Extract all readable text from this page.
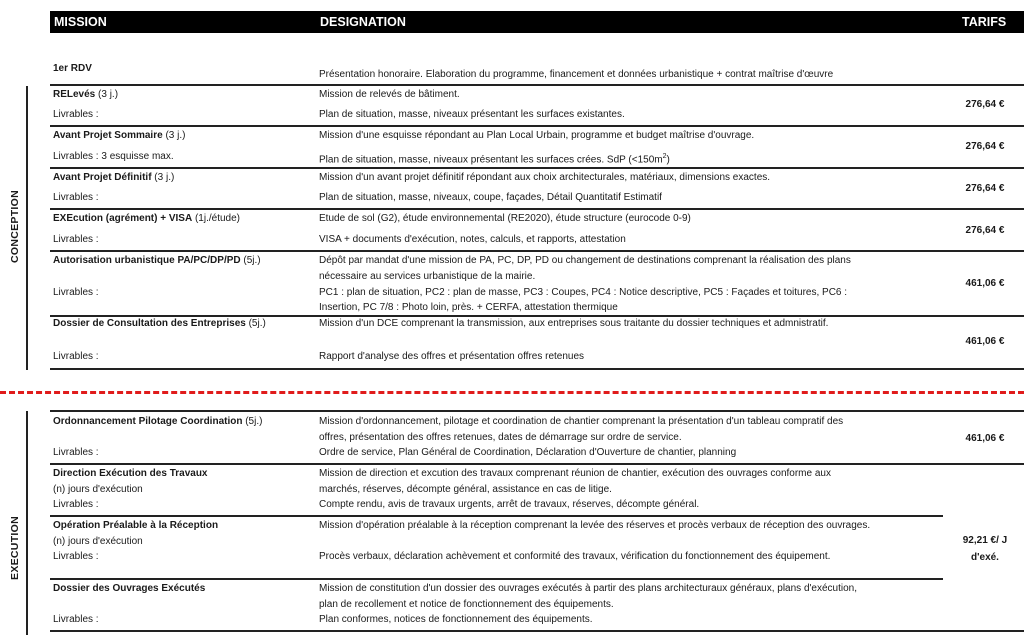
MISSION	DESIGNATION	TARIFS
1er RDV
Présentation honoraire. Elaboration du programme, financement et données urbanistique + contrat maîtrise d'œuvre
CONCEPTION
RELevés (3 j.)
Livrables :
Mission de relevés de bâtiment.
Plan de situation, masse, niveaux présentant les surfaces existantes.
276,64 €
Avant Projet Sommaire (3 j.)
Livrables : 3 esquisse max.
Mission d'une esquisse répondant au Plan Local Urbain, programme et budget maîtrise d'ouvrage.
Plan de situation, masse, niveaux présentant les surfaces crées. SdP $(<150m^2)$
276,64 €
Avant Projet Définitif (3 j.)
Livrables :
Mission d'un avant projet définitif répondant aux choix architecturales, matériaux, dimensions exactes.
Plan de situation, masse, niveaux, coupe, façades, Détail Quantitatif Estimatif
276,64 €
EXEcution (agrément) + VISA (1j./étude)
Livrables :
Etude de sol (G2), étude environnemental (RE2020), étude structure (eurocode 0-9)
VISA + documents d'exécution, notes, calculs, et rapports, attestation
276,64 €
Autorisation urbanistique PA/PC/DP/PD (5j.)
Livrables :
Dépôt par mandat d'une mission de PA, PC, DP, PD ou changement de destinations comprenant la réalisation des plans
nécessaire au services urbanistique de la mairie.
PC1 : plan de situation, PC2 : plan de masse, PC3 : Coupes, PC4 : Notice descriptive, PC5 : Façades et toitures, PC6 :
Insertion, PC 7/8 : Photo loin, près. + CERFA, attestation thermique
461,06 €
Dossier de Consultation des Entreprises (5j.)
Livrables :
Mission d'un DCE comprenant la transmission, aux entreprises sous traitante du dossier techniques et admnistratif.
Rapport d'analyse des offres et présentation offres retenues
461,06 €
EXECUTION
Ordonnancement Pilotage Coordination (5j.)
Livrables :
Mission d'ordonnancement, pilotage et coordination de chantier comprenant la présentation d'un tableau compratif des
offres, présentation des offres retenues, dates de démarrage sur ordre de service.
Ordre de service, Plan Général de Coordination, Déclaration d'Ouverture de chantier, planning
461,06 €
Direction Exécution des Travaux
(n) jours d'exécution
Livrables :
Mission de direction et excution des travaux comprenant réunion de chantier, exécution des ouvrages conforme aux
marchés, réserves, décompte général, assistance en cas de litige.
Compte rendu, avis de travaux urgents, arrêt de travaux, réserves, décompte général.
Opération Préalable à la Réception
(n) jours d'exécution
Livrables :
Mission d'opération préalable à la réception comprenant la levée des réserves et procès verbaux de réception des ouvrages.
Procès verbaux, déclaration achèvement et conformité des travaux, vérification du fonctionnement des équipement.
92,21 €/ J
d'exé.
Dossier des Ouvrages Exécutés
Livrables :
Mission de constitution d'un dossier des ouvrages exécutés à partir des plans architecturaux généraux, plans d'exécution,
plan de recollement et notice de fonctionnement des équipements.
Plan conformes, notices de fonctionnement des équipements.
